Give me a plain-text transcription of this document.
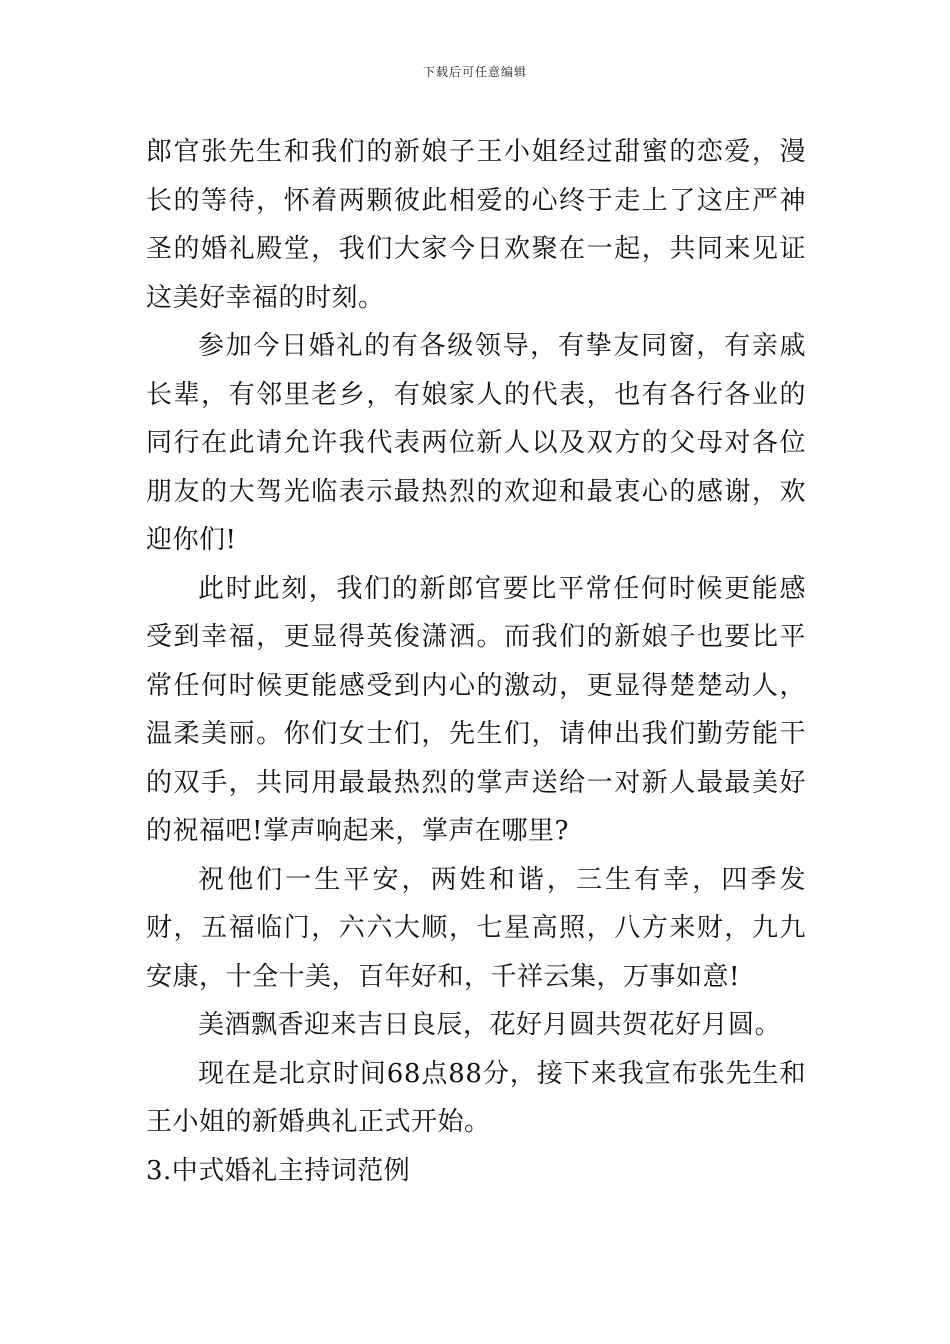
下载后可任意编辑

郎官张先生和我们的新娘子王小姐经过甜蜜的恋爱，漫长的等待，怀着两颗彼此相爱的心终于走上了这庄严神圣的婚礼殿堂，我们大家今日欢聚在一起，共同来见证这美好幸福的时刻。

参加今日婚礼的有各级领导，有挚友同窗，有亲戚长辈，有邻里老乡，有娘家人的代表，也有各行各业的同行在此请允许我代表两位新人以及双方的父母对各位朋友的大驾光临表示最热烈的欢迎和最衷心的感谢，欢迎你们!

此时此刻，我们的新郎官要比平常任何时候更能感受到幸福，更显得英俊潇洒。而我们的新娘子也要比平常任何时候更能感受到内心的激动，更显得楚楚动人，温柔美丽。你们女士们，先生们，请伸出我们勤劳能干的双手，共同用最最热烈的掌声送给一对新人最最美好的祝福吧!掌声响起来，掌声在哪里?

祝他们一生平安，两姓和谐，三生有幸，四季发财，五福临门，六六大顺，七星高照，八方来财，九九安康，十全十美，百年好和，千祥云集，万事如意!

美酒飘香迎来吉日良辰，花好月圆共贺花好月圆。

现在是北京时间68点88分，接下来我宣布张先生和王小姐的新婚典礼正式开始。

3.中式婚礼主持词范例
